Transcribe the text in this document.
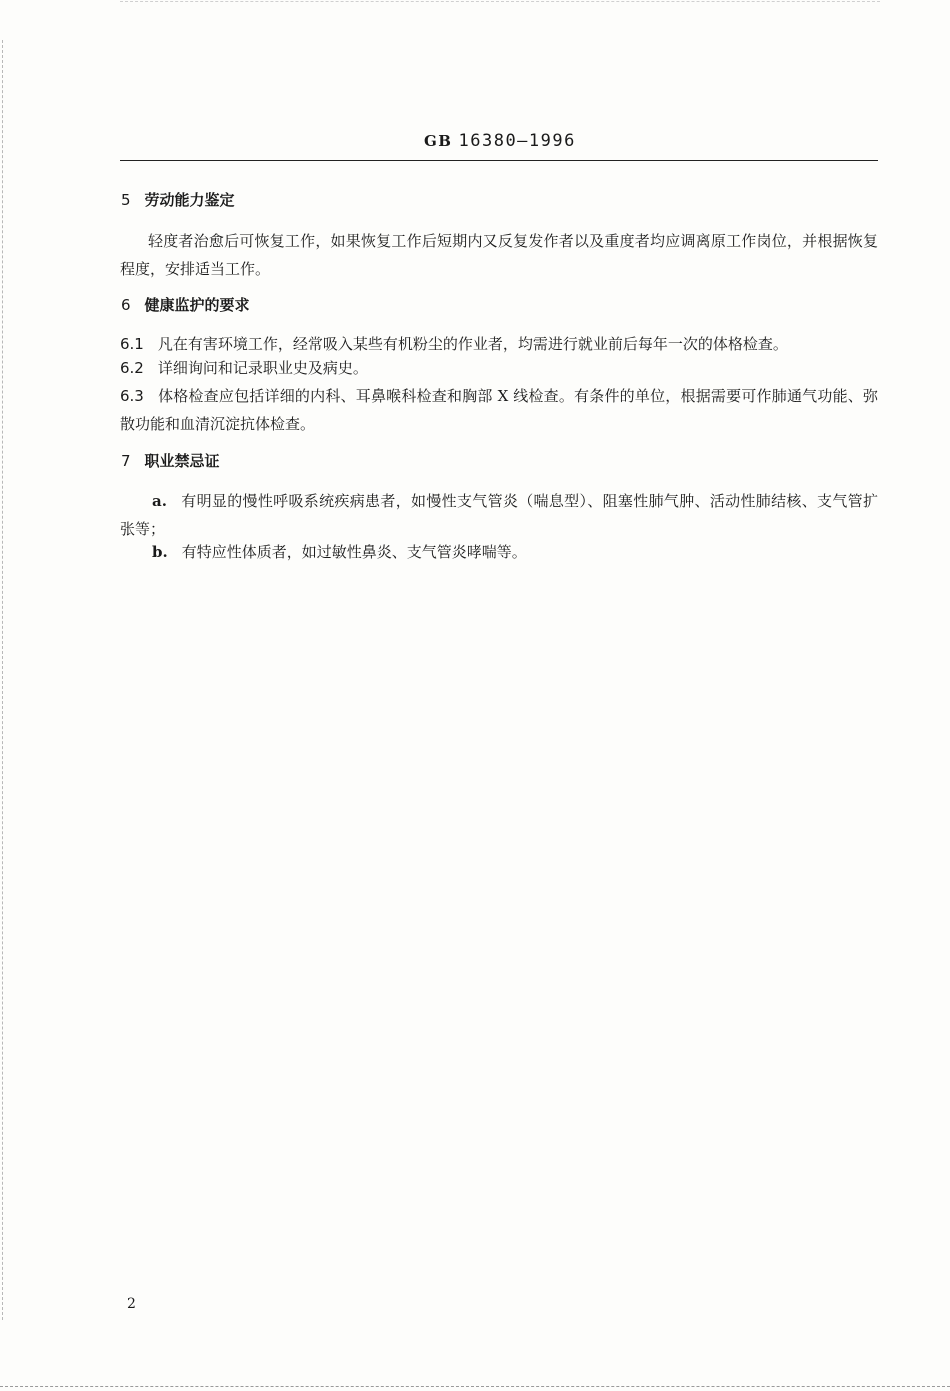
GB 16380—1996
5 劳动能力鉴定
轻度者治愈后可恢复工作，如果恢复工作后短期内又反复发作者以及重度者均应调离原工作岗位，并根据恢复程度，安排适当工作。
6 健康监护的要求
6.1 凡在有害环境工作，经常吸入某些有机粉尘的作业者，均需进行就业前后每年一次的体格检查。
6.2 详细询问和记录职业史及病史。
6.3 体格检查应包括详细的内科、耳鼻喉科检查和胸部 X 线检查。有条件的单位，根据需要可作肺通气功能、弥散功能和血清沉淀抗体检查。
7 职业禁忌证
a. 有明显的慢性呼吸系统疾病患者，如慢性支气管炎（喘息型）、阻塞性肺气肿、活动性肺结核、支气管扩张等；
b. 有特应性体质者，如过敏性鼻炎、支气管炎哮喘等。
2
